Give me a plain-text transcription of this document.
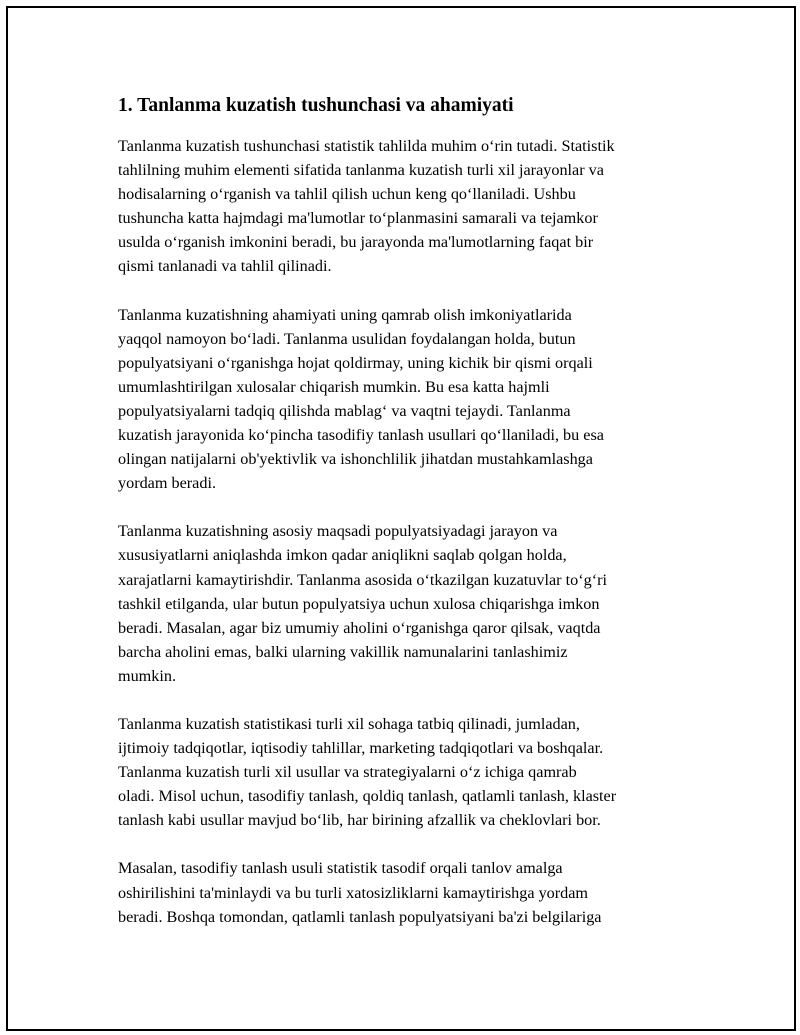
1. Tanlanma kuzatish tushunchasi va ahamiyati

Tanlanma kuzatish tushunchasi statistik tahlilda muhim o‘rin tutadi. Statistik
tahlilning muhim elementi sifatida tanlanma kuzatish turli xil jarayonlar va
hodisalarning o‘rganish va tahlil qilish uchun keng qo‘llaniladi. Ushbu
tushuncha katta hajmdagi ma'lumotlar to‘planmasini samarali va tejamkor
usulda o‘rganish imkonini beradi, bu jarayonda ma'lumotlarning faqat bir
qismi tanlanadi va tahlil qilinadi.

Tanlanma kuzatishning ahamiyati uning qamrab olish imkoniyatlarida
yaqqol namoyon bo‘ladi. Tanlanma usulidan foydalangan holda, butun
populyatsiyani o‘rganishga hojat qoldirmay, uning kichik bir qismi orqali
umumlashtirilgan xulosalar chiqarish mumkin. Bu esa katta hajmli
populyatsiyalarni tadqiq qilishda mablag‘ va vaqtni tejaydi. Tanlanma
kuzatish jarayonida ko‘pincha tasodifiy tanlash usullari qo‘llaniladi, bu esa
olingan natijalarni ob'yektivlik va ishonchlilik jihatdan mustahkamlashga
yordam beradi.

Tanlanma kuzatishning asosiy maqsadi populyatsiyadagi jarayon va
xususiyatlarni aniqlashda imkon qadar aniqlikni saqlab qolgan holda,
xarajatlarni kamaytirishdir. Tanlanma asosida o‘tkazilgan kuzatuvlar to‘g‘ri
tashkil etilganda, ular butun populyatsiya uchun xulosa chiqarishga imkon
beradi. Masalan, agar biz umumiy aholini o‘rganishga qaror qilsak, vaqtda
barcha aholini emas, balki ularning vakillik namunalarini tanlashimiz
mumkin.

Tanlanma kuzatish statistikasi turli xil sohaga tatbiq qilinadi, jumladan,
ijtimoiy tadqiqotlar, iqtisodiy tahlillar, marketing tadqiqotlari va boshqalar.
Tanlanma kuzatish turli xil usullar va strategiyalarni o‘z ichiga qamrab
oladi. Misol uchun, tasodifiy tanlash, qoldiq tanlash, qatlamli tanlash, klaster
tanlash kabi usullar mavjud bo‘lib, har birining afzallik va cheklovlari bor.

Masalan, tasodifiy tanlash usuli statistik tasodif orqali tanlov amalga
oshirilishini ta'minlaydi va bu turli xatosizliklarni kamaytirishga yordam
beradi. Boshqa tomondan, qatlamli tanlash populyatsiyani ba'zi belgilariga
